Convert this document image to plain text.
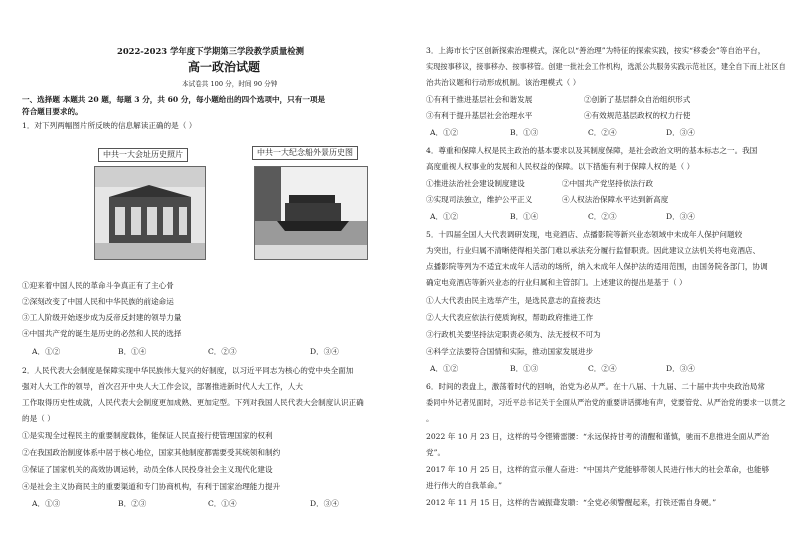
2022-2023 学年度下学期第三学段教学质量检测
高一政治试题
本试卷共 100 分，时间 90 分钟
一、选择题 本题共 20 题，每题 3 分，共 60 分，每小题给出的四个选项中，只有一项是
符合题目要求的。
1．对下列两幅图片所反映的信息解读正确的是（ ）
中共一大会址历史照片	中共一大纪念船外景历史图
①迎来着中国人民的革命斗争真正有了主心骨
②深刻改变了中国人民和中华民族的前途命运
③工人阶级开始逐步成为反帝反封建的领导力量
④中国共产党的诞生是历史的必然和人民的选择
A．①②	B．①④	C．②③	D．③④
2．人民代表大会制度是保障实现中华民族伟大复兴的好制度，以习近平同志为核心的党中央全面加
强对人大工作的领导，首次召开中央人大工作会议，部署推进新时代人大工作，人大
工作取得历史性成就，人民代表大会制度更加成熟、更加定型。下列对我国人民代表大会制度认识正确
的是（ ）
①是实现全过程民主的重要制度载体，能保证人民直接行使管理国家的权利
②在我国政治制度体系中居于核心地位，国家其他制度都需要受其统领和制约
③保证了国家机关的高效协调运转，动员全体人民投身社会主义现代化建设
④是社会主义协商民主的重要渠道和专门协商机构，有利于国家治理能力提升
A．①③	B．②③	C．①④	D．③④
3．上海市长宁区创新探索治理模式，深化以“善治理”为特征的探索实践，按实“移委会”等自治平台，
实现按事移议，接事移办、按事移管。创建一批社会工作机构，选派公共服务实践示范社区，建全自下而上社区自
治共治议题和行动形成机制。该治理模式（ ）
①有利于推进基层社会和谐发展	②创新了基层群众自治组织形式
③有利于提升基层社会治理水平	④有效规范基层政权的权力行使
A．①②	B．①③	C．②④	D．③④
4．尊重和保障人权是民主政治的基本要求以及其制度保障，是社会政治文明的基本标志之一。我国
高度重视人权事业的发展和人民权益的保障。以下措施有利于保障人权的是（ ）
①推进法治社会建设制度建设	②中国共产党坚持依法行政
③实现司法独立，维护公平正义	④人权法治保障水平达到新高度
A．①②	B．①④	C．②③	D．③④
5．十四届全国人大代表调研发现，电竞酒店、点播影院等新兴业态领域中未成年人保护问题较
为突出，行业归属不清晰使得相关部门难以承法充分履行监督职责。因此建议立法机关将电竞酒店、
点播影院等列为不适宜未成年人活动的场所，纳入未成年人保护法的适用范围，由国务院各部门，协调
确定电竞酒店等新兴业态的行业归属和主管部门。上述建议的提出是基于（ ）
①人大代表由民主选举产生，是选民意志的直接表达
②人大代表应依法行使质询权，帮助政府推进工作
③行政机关要坚持法定职责必须为、法无授权不可为
④科学立法要符合国情和实际，推动国家发展进步
A．①②	B．①③	C．②④	D．③④
6．时间的表盘上，激荡着时代的回响，治党为必从严。在十八届、十九届、二十届中共中央政治局常
委同中外记者见面时，习近平总书记关于全面从严治党的重要讲话掷地有声，党要管党、从严治党的要求一以贯之
。
2022 年 10 月 23 日，这样的号令铿锵雷腰：“永远保持甘考的清醒和谨慎，驰而不息推进全面从严治
党”。
2017 年 10 月 25 日，这样的宣示催人奋进：“中国共产党能够带领人民进行伟大的社会革命，也能够
进行伟大的自我革命。”
2012 年 11 月 15 日，这样的告诫振聋发聩：“全党必须警醒起来，打铁还需自身硬。”
